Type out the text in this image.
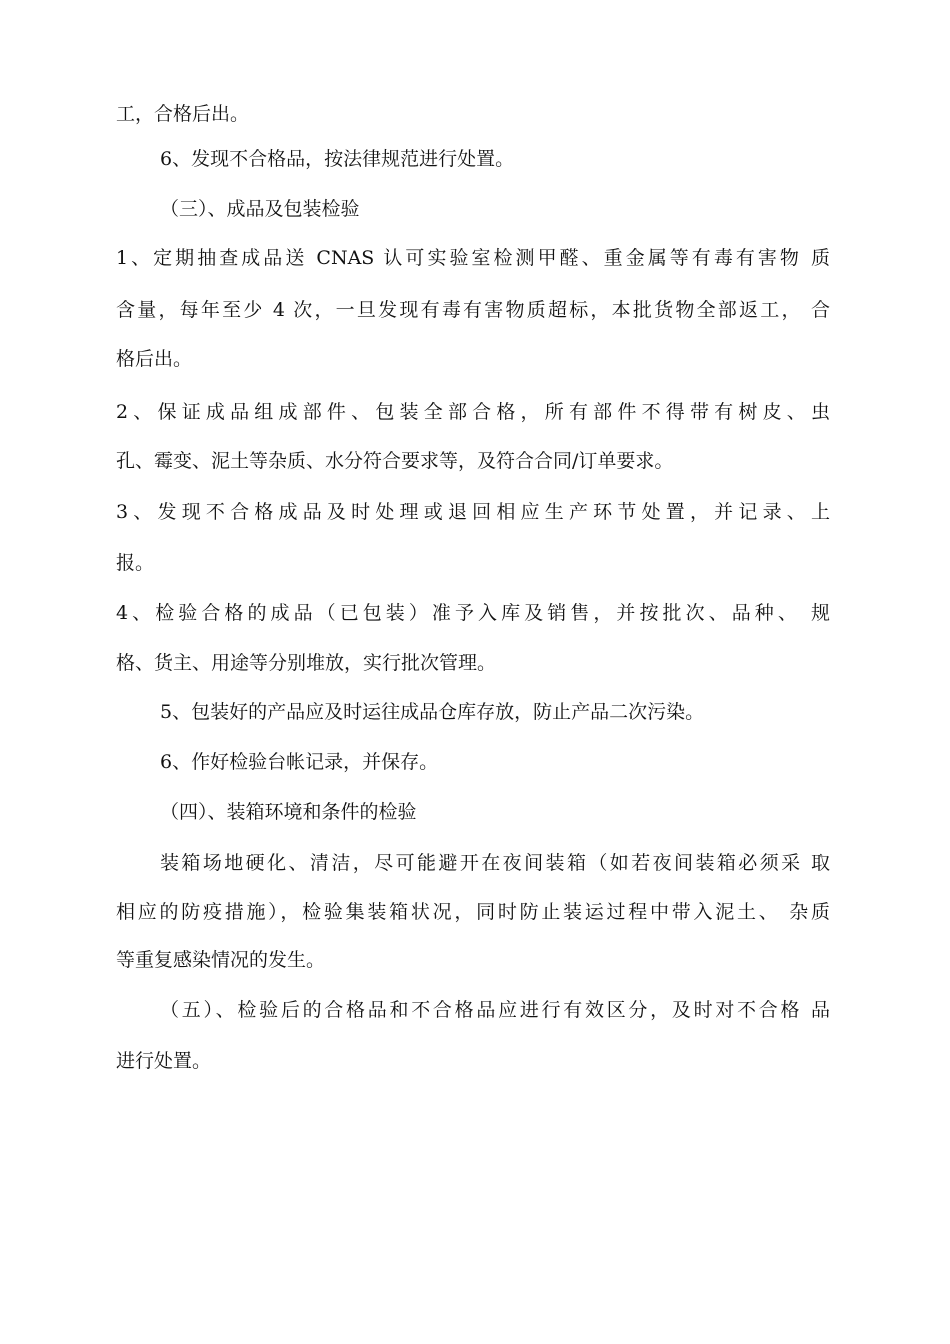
工，合格后出。
6、发现不合格品，按法律规范进行处置。
（三）、成品及包装检验
1、定期抽查成品送 CNAS 认可实验室检测甲醛、重金属等有毒有害物 质
含量，每年至少 4 次，一旦发现有毒有害物质超标，本批货物全部返工， 合
格后出。
2、保证成品组成部件、包装全部合格，所有部件不得带有树皮、虫
孔、霉变、泥土等杂质、水分符合要求等，及符合合同/订单要求。
3、发现不合格成品及时处理或退回相应生产环节处置，并记录、上
报。
4、检验合格的成品（已包装）准予入库及销售，并按批次、品种、 规
格、货主、用途等分别堆放，实行批次管理。
5、包装好的产品应及时运往成品仓库存放，防止产品二次污染。
6、作好检验台帐记录，并保存。
（四）、装箱环境和条件的检验
装箱场地硬化、清洁，尽可能避开在夜间装箱（如若夜间装箱必须采 取
相应的防疫措施），检验集装箱状况，同时防止装运过程中带入泥土、 杂质
等重复感染情况的发生。
（五）、检验后的合格品和不合格品应进行有效区分，及时对不合格 品
进行处置。
